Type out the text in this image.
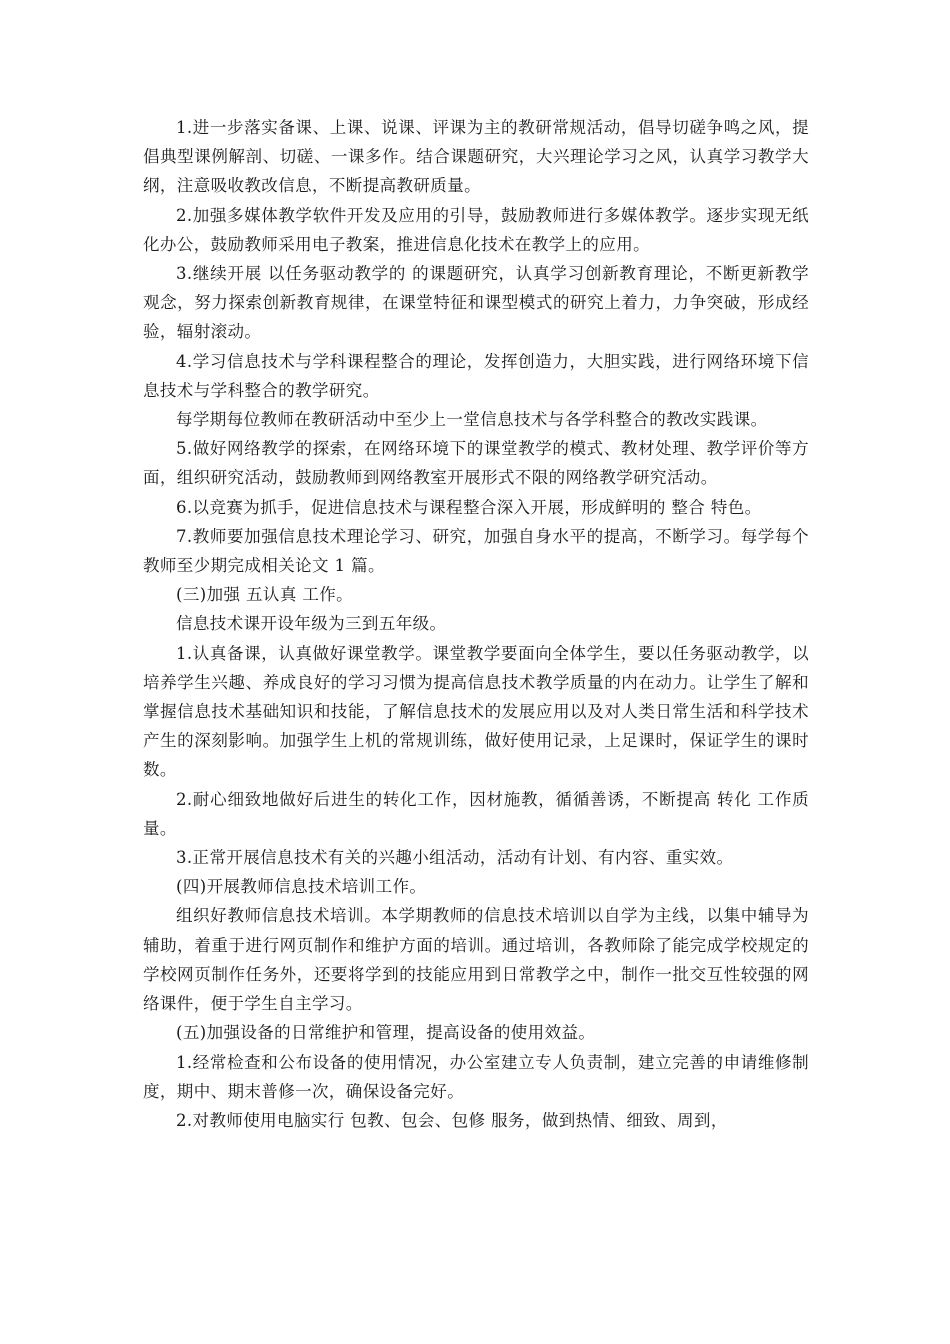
1.进一步落实备课、上课、说课、评课为主的教研常规活动，倡导切磋争鸣之风，提倡典型课例解剖、切磋、一课多作。结合课题研究，大兴理论学习之风，认真学习教学大纲，注意吸收教改信息，不断提高教研质量。

2.加强多媒体教学软件开发及应用的引导，鼓励教师进行多媒体教学。逐步实现无纸化办公，鼓励教师采用电子教案，推进信息化技术在教学上的应用。

3.继续开展 以任务驱动教学的 的课题研究，认真学习创新教育理论，不断更新教学观念，努力探索创新教育规律，在课堂特征和课型模式的研究上着力，力争突破，形成经验，辐射滚动。

4.学习信息技术与学科课程整合的理论，发挥创造力，大胆实践，进行网络环境下信息技术与学科整合的教学研究。

每学期每位教师在教研活动中至少上一堂信息技术与各学科整合的教改实践课。

5.做好网络教学的探索，在网络环境下的课堂教学的模式、教材处理、教学评价等方面，组织研究活动，鼓励教师到网络教室开展形式不限的网络教学研究活动。

6.以竞赛为抓手，促进信息技术与课程整合深入开展，形成鲜明的 整合 特色。

7.教师要加强信息技术理论学习、研究，加强自身水平的提高，不断学习。每学每个教师至少期完成相关论文 1 篇。

(三)加强 五认真 工作。

信息技术课开设年级为三到五年级。

1.认真备课，认真做好课堂教学。课堂教学要面向全体学生，要以任务驱动教学，以培养学生兴趣、养成良好的学习习惯为提高信息技术教学质量的内在动力。让学生了解和掌握信息技术基础知识和技能，了解信息技术的发展应用以及对人类日常生活和科学技术产生的深刻影响。加强学生上机的常规训练，做好使用记录，上足课时，保证学生的课时数。

2.耐心细致地做好后进生的转化工作，因材施教，循循善诱，不断提高 转化 工作质量。

3.正常开展信息技术有关的兴趣小组活动，活动有计划、有内容、重实效。

(四)开展教师信息技术培训工作。

组织好教师信息技术培训。本学期教师的信息技术培训以自学为主线，以集中辅导为辅助，着重于进行网页制作和维护方面的培训。通过培训，各教师除了能完成学校规定的学校网页制作任务外，还要将学到的技能应用到日常教学之中，制作一批交互性较强的网络课件，便于学生自主学习。

(五)加强设备的日常维护和管理，提高设备的使用效益。

1.经常检查和公布设备的使用情况，办公室建立专人负责制，建立完善的申请维修制度，期中、期末普修一次，确保设备完好。

2.对教师使用电脑实行 包教、包会、包修 服务，做到热情、细致、周到，
